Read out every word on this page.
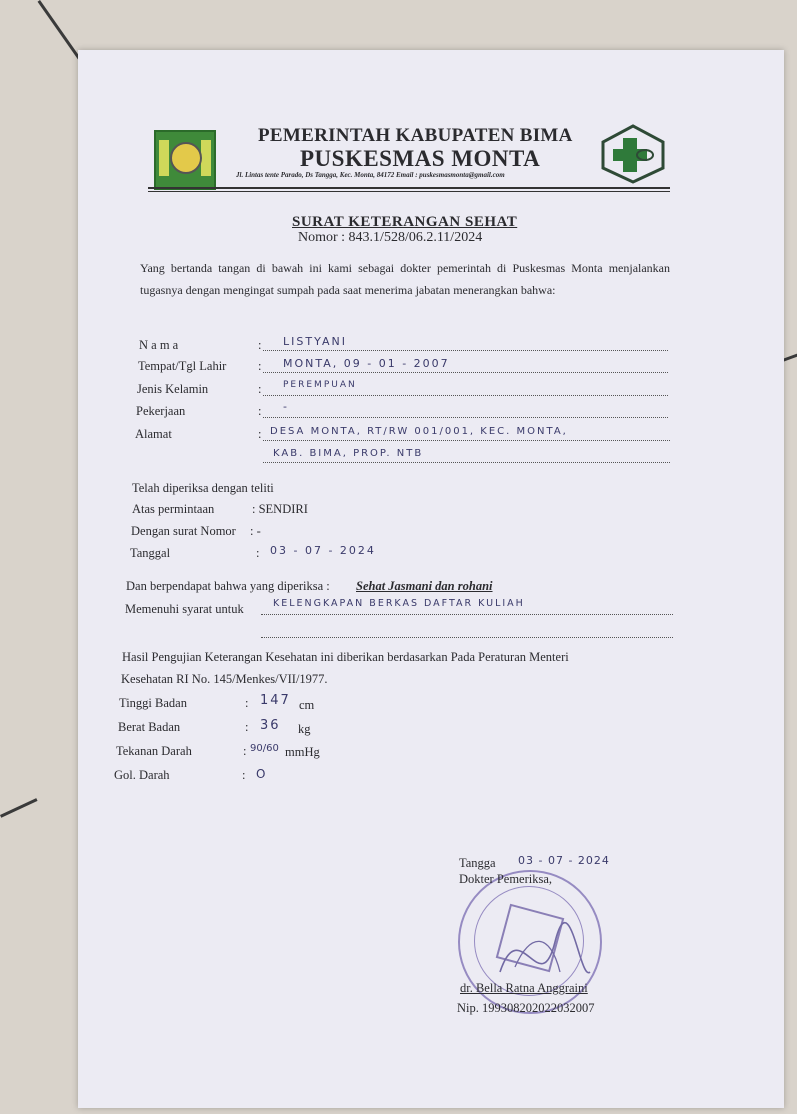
PEMERINTAH KABUPATEN BIMA
PUSKESMAS MONTA
Jl. Lintas tente Parado, Ds Tangga, Kec. Monta, 84172 Email : puskesmasmonta@gmail.com
SURAT KETERANGAN SEHAT
Nomor : 843.1/528/06.2.11/2024
Yang bertanda tangan di bawah ini kami sebagai dokter pemerintah di Puskesmas Monta menjalankan tugasnya dengan mengingat sumpah pada saat menerima jabatan menerangkan bahwa:
N a m a	: LISTYANI
Tempat/Tgl Lahir	: MONTA, 09 - 01 - 2007
Jenis Kelamin	: PEREMPUAN
Pekerjaan	: -
Alamat	: DESA MONTA, RT/RW 001/001, KEC. MONTA,
KAB. BIMA, PROP. NTB
Telah diperiksa dengan teliti
Atas permintaan	: SENDIRI
Dengan surat Nomor : -
Tanggal	: 03 - 07 - 2024
Dan berpendapat bahwa yang diperiksa : Sehat Jasmani dan rohani
Memenuhi syarat untuk	KELENGKAPAN BERKAS DAFTAR KULIAH
Hasil Pengujian Keterangan Kesehatan ini diberikan berdasarkan Pada Peraturan Menteri
Kesehatan RI No. 145/Menkes/VII/1977.
Tinggi Badan	: 147 cm
Berat Badan	: 36 kg
Tekanan Darah	: 90/60 mmHg
Gol. Darah	: O
Tangga 03 - 07 - 2024
Dokter Pemeriksa,
dr. Bella Ratna Anggraini
Nip. 199308202022032007
